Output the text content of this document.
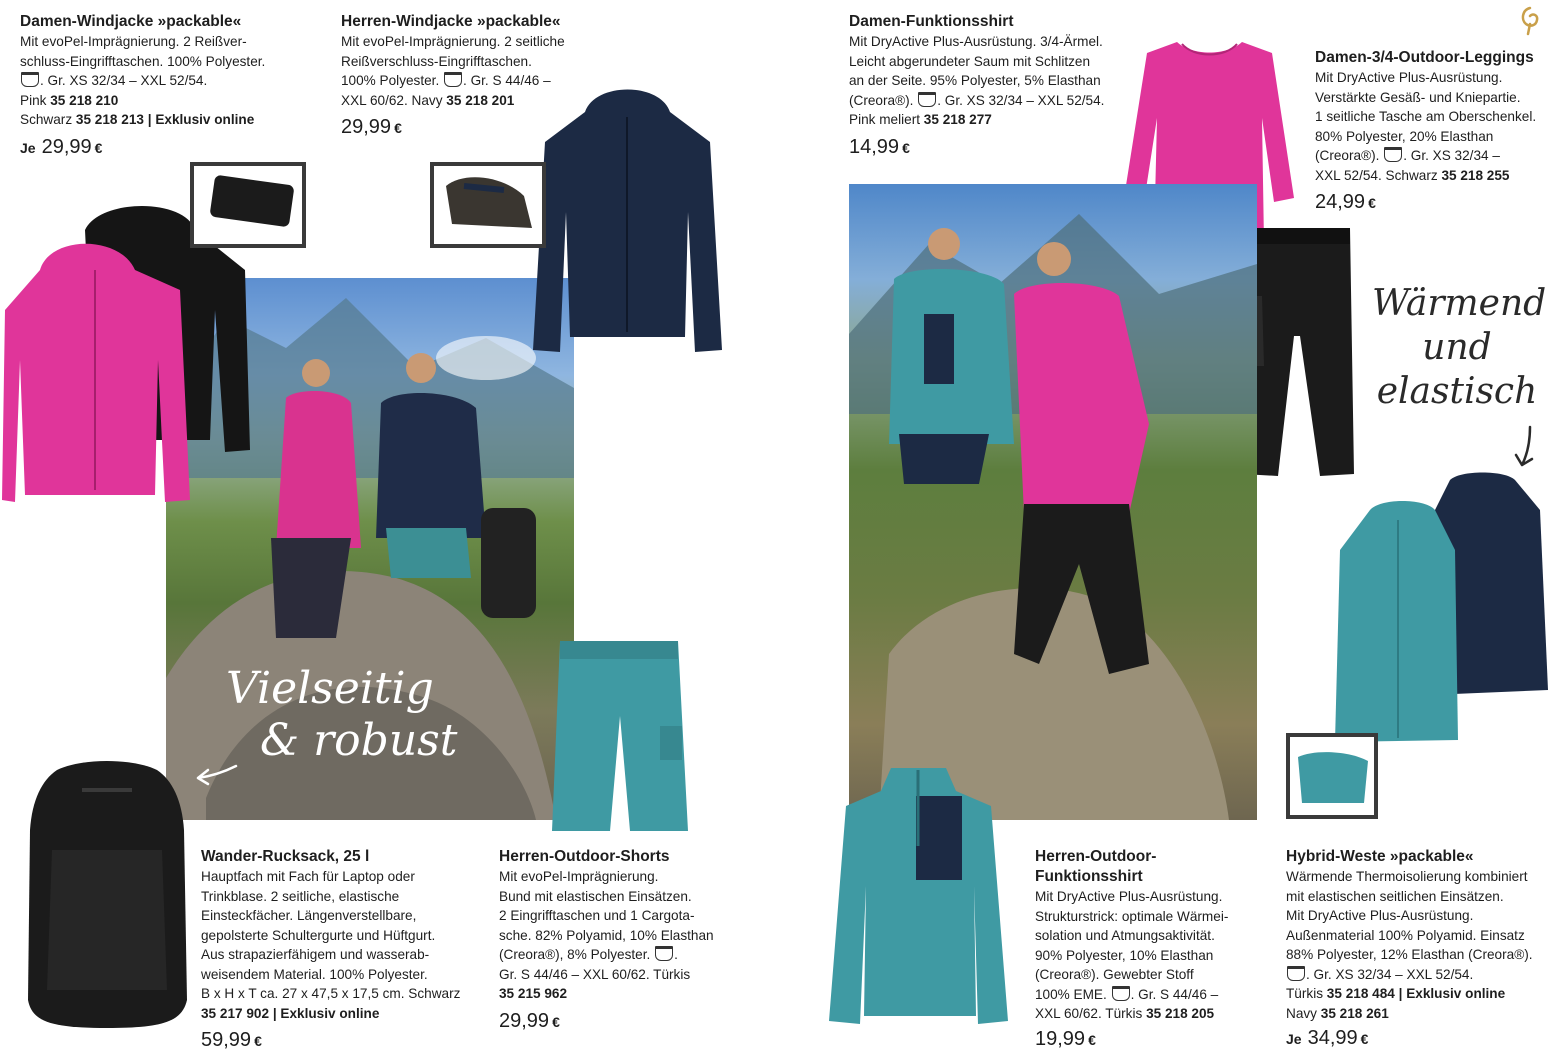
Damen-Windjacke »packable«

Mit evoPel-Imprägnierung. 2 Reißver-

schluss-Eingrifftaschen. 100% Polyester.

. Gr. XS 32/34 – XXL 52/54.

Pink 35 218 210

Schwarz 35 218 213 | Exklusiv online

Je 29,99 €
Herren-Windjacke »packable«

Mit evoPel-Imprägnierung. 2 seitliche

Reißverschluss-Eingrifftaschen.

100% Polyester. . Gr. S 44/46 –

XXL 60/62. Navy 35 218 201

29,99 €
Vielseitig
& robust
Wander-Rucksack, 25 l

Hauptfach mit Fach für Laptop oder

Trinkblase. 2 seitliche, elastische

Einsteckfächer. Längenverstellbare,

gepolsterte Schultergurte und Hüftgurt.

Aus strapazierfähigem und wasserab-

weisendem Material. 100% Polyester.

B x H x T ca. 27 x 47,5 x 17,5 cm. Schwarz

35 217 902 | Exklusiv online

59,99 €
Herren-Outdoor-Shorts

Mit evoPel-Imprägnierung.

Bund mit elastischen Einsätzen.

2 Eingrifftaschen und 1 Cargota-

sche. 82% Polyamid, 10% Elasthan

(Creora®), 8% Polyester. .

Gr. S 44/46 – XXL 60/62. Türkis

35 215 962

29,99 €
Damen-Funktionsshirt

Mit DryActive Plus-Ausrüstung. 3/4-Ärmel.

Leicht abgerundeter Saum mit Schlitzen

an der Seite. 95% Polyester, 5% Elasthan

(Creora®). . Gr. XS 32/34 – XXL 52/54.

Pink meliert 35 218 277

14,99 €
Damen-3/4-Outdoor-Leggings

Mit DryActive Plus-Ausrüstung.

Verstärkte Gesäß- und Kniepartie.

1 seitliche Tasche am Oberschenkel.

80% Polyester, 20% Elasthan

(Creora®). . Gr. XS 32/34 –

XXL 52/54. Schwarz 35 218 255

24,99 €
Wärmend
und
elastisch
Herren-Outdoor-
Funktionsshirt

Mit DryActive Plus-Ausrüstung.

Strukturstrick: optimale Wärmei-

solation und Atmungsaktivität.

90% Polyester, 10% Elasthan

(Creora®). Gewebter Stoff

100% EME. . Gr. S 44/46 –

XXL 60/62. Türkis 35 218 205

19,99 €
Hybrid-Weste »packable«

Wärmende Thermoisolierung kombiniert

mit elastischen seitlichen Einsätzen.

Mit DryActive Plus-Ausrüstung.

Außenmaterial 100% Polyamid. Einsatz

88% Polyester, 12% Elasthan (Creora®).

. Gr. XS 32/34 – XXL 52/54.

Türkis 35 218 484 | Exklusiv online

Navy 35 218 261

Je 34,99 €
